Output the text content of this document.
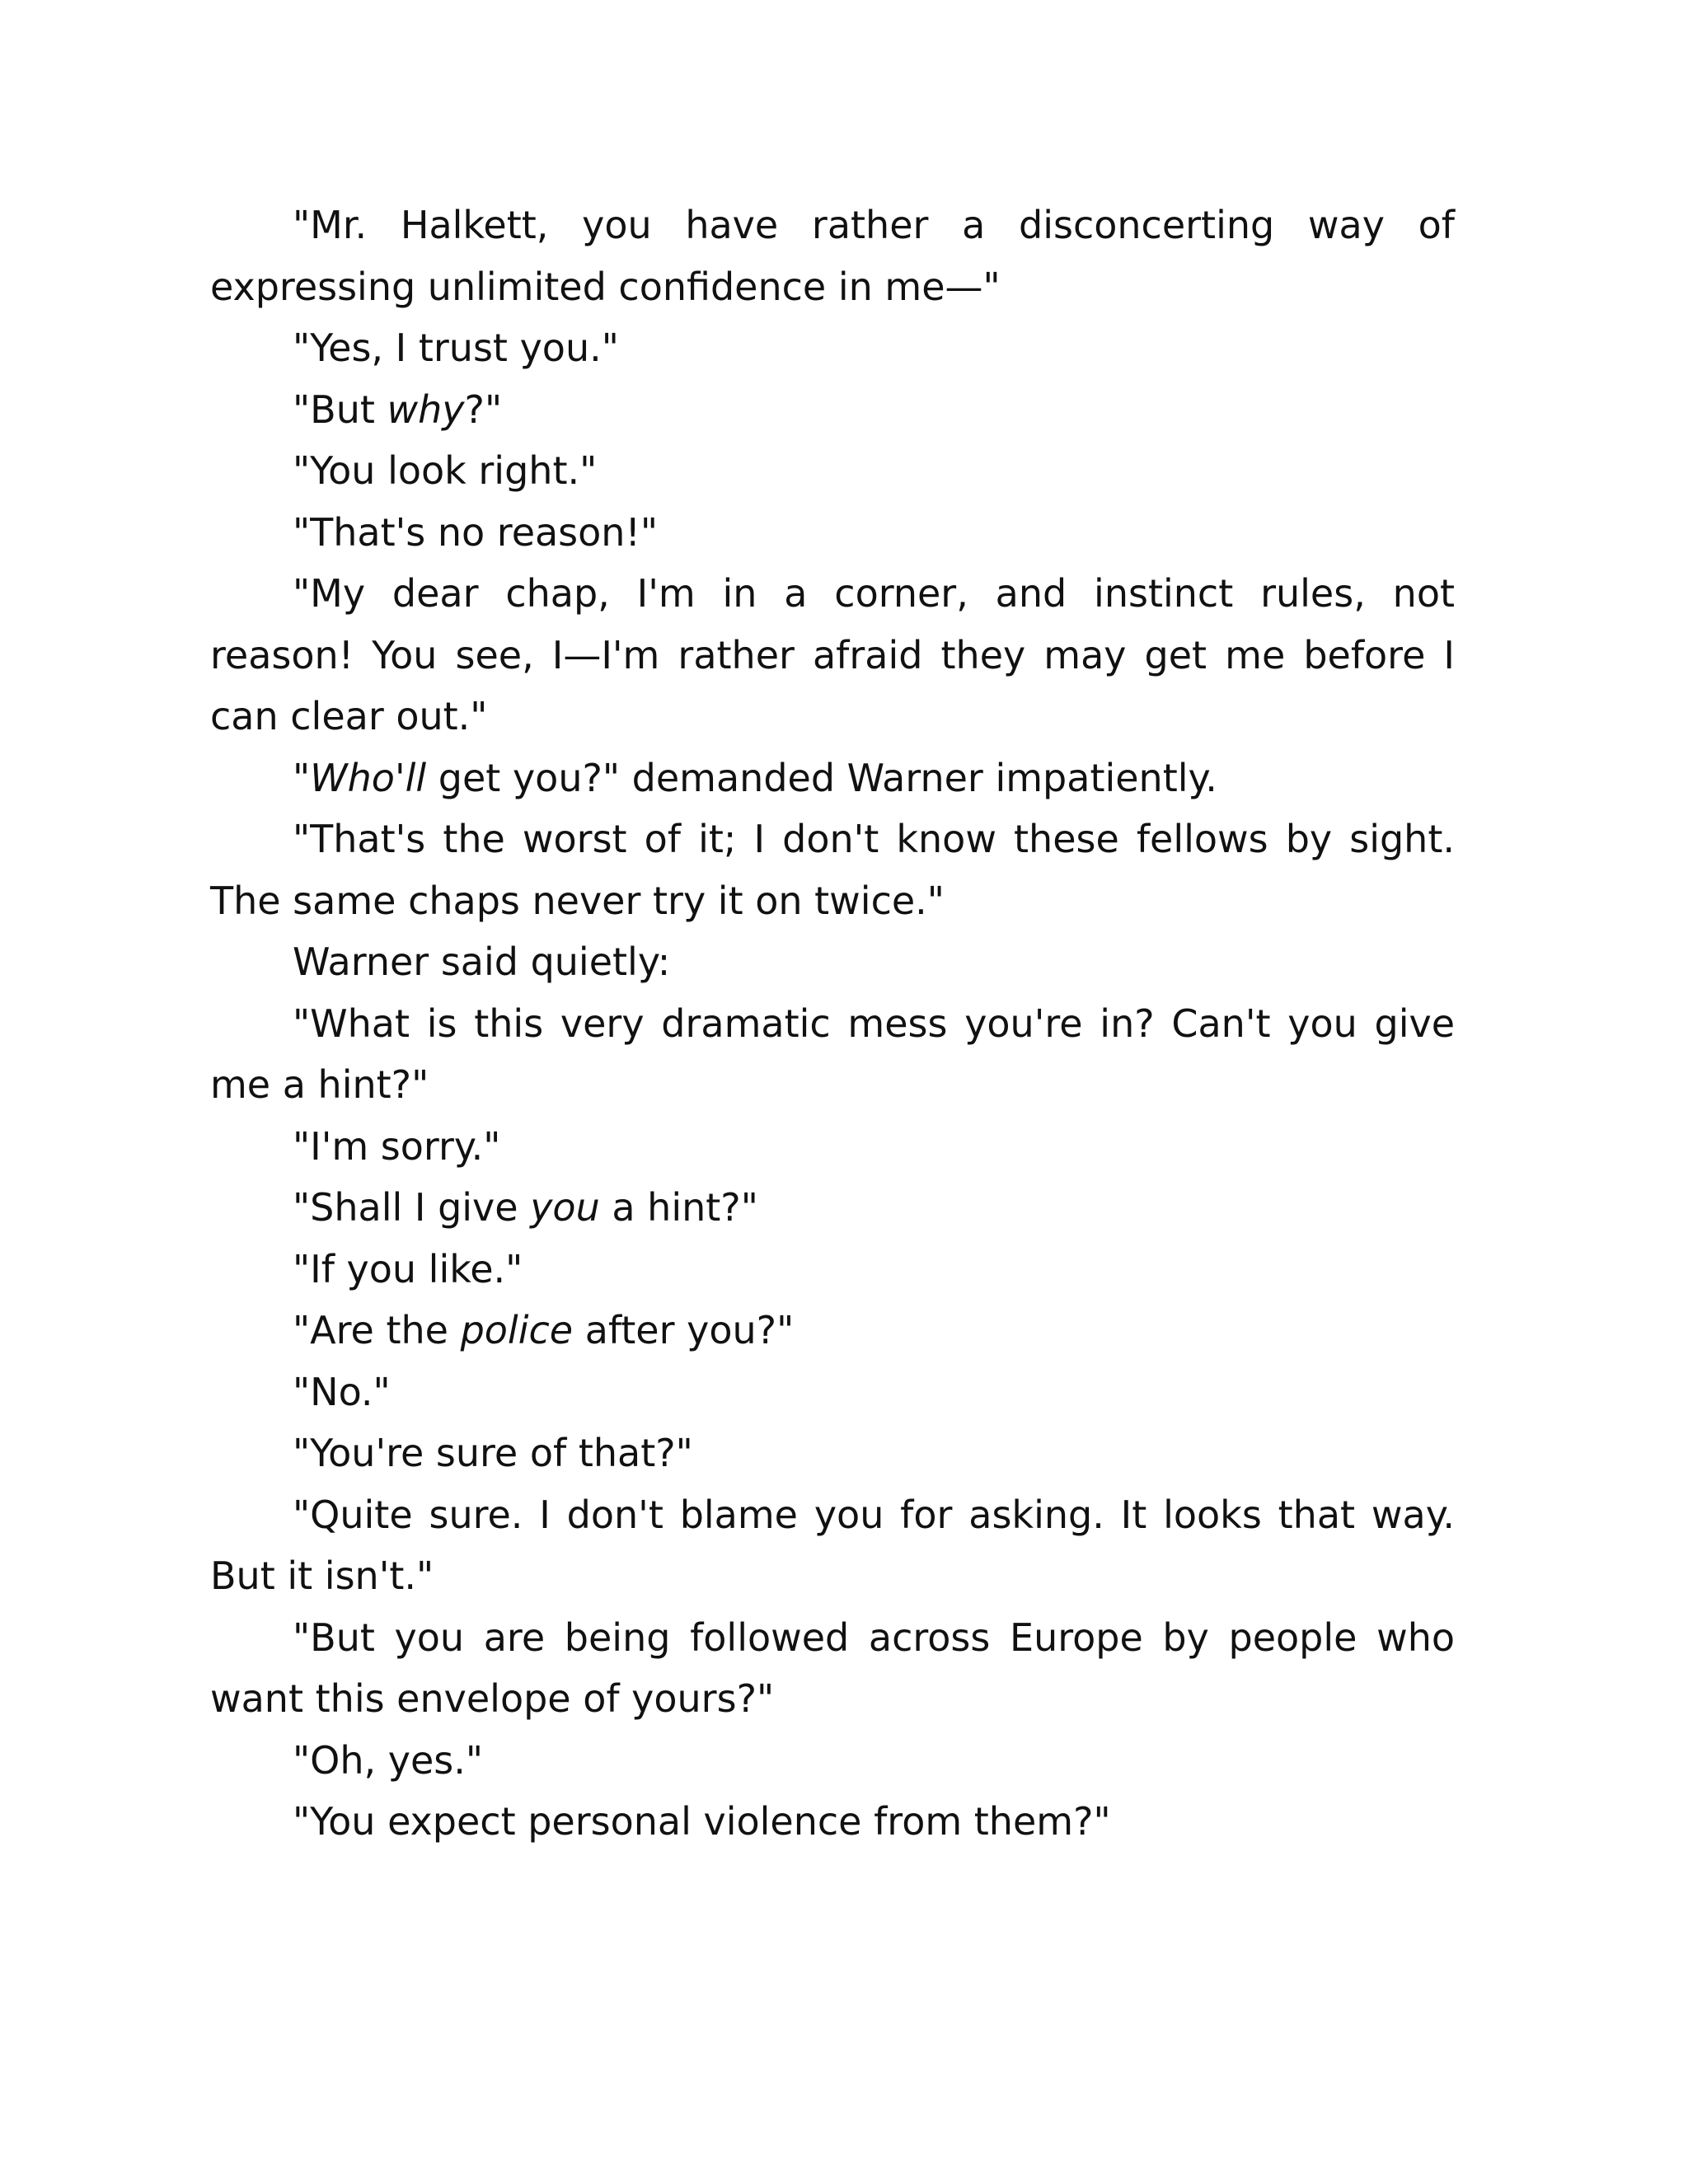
"Mr. Halkett, you have rather a disconcerting way of expressing unlimited confidence in me—"

"Yes, I trust you."

"But why?"

"You look right."

"That's no reason!"

"My dear chap, I'm in a corner, and instinct rules, not reason! You see, I—I'm rather afraid they may get me before I can clear out."

"Who'll get you?" demanded Warner impatiently.

"That's the worst of it; I don't know these fellows by sight. The same chaps never try it on twice."

Warner said quietly:

"What is this very dramatic mess you're in? Can't you give me a hint?"

"I'm sorry."

"Shall I give you a hint?"

"If you like."

"Are the police after you?"

"No."

"You're sure of that?"

"Quite sure. I don't blame you for asking. It looks that way. But it isn't."

"But you are being followed across Europe by people who want this envelope of yours?"

"Oh, yes."

"You expect personal violence from them?"
